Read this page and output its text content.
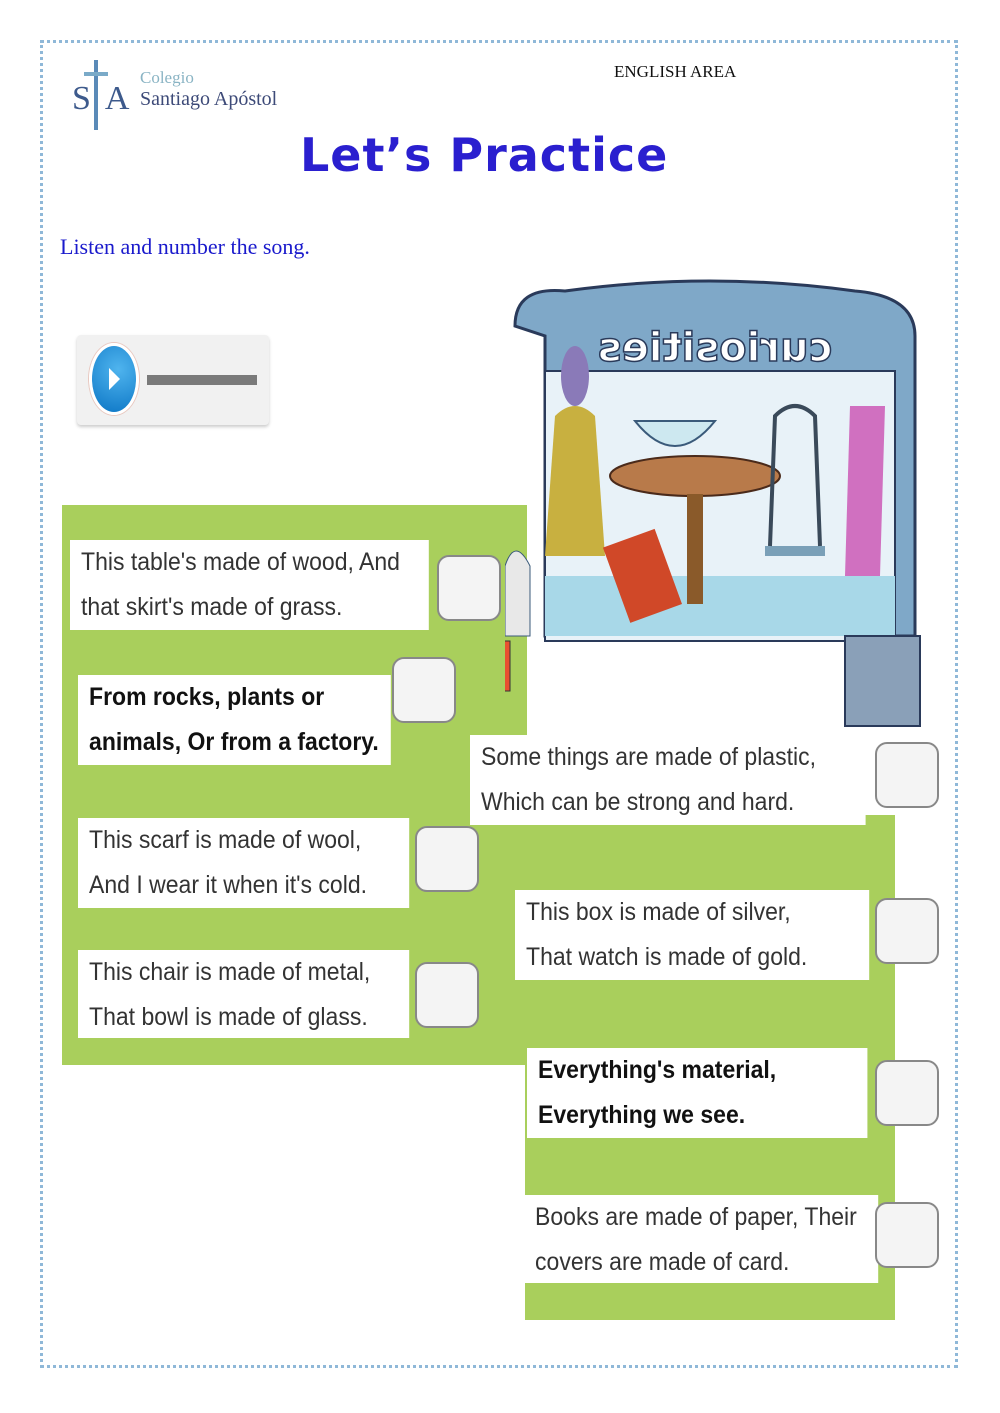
SA
Colegio
Santiago Apóstol
ENGLISH AREA
Let’s Practice
Listen and number the song.
curiosities
This table's made of wood, And
that skirt's made of grass.
From rocks, plants or
animals, Or from a factory.
Some things are made of plastic,
Which can be strong and hard.
This scarf is made of wool,
And I wear it when it's cold.
This box is made of silver,
That watch is made of gold.
This chair is made of metal,
That bowl is made of glass.
Everything's material,
Everything we see.
Books are made of paper, Their
covers are made of card.
